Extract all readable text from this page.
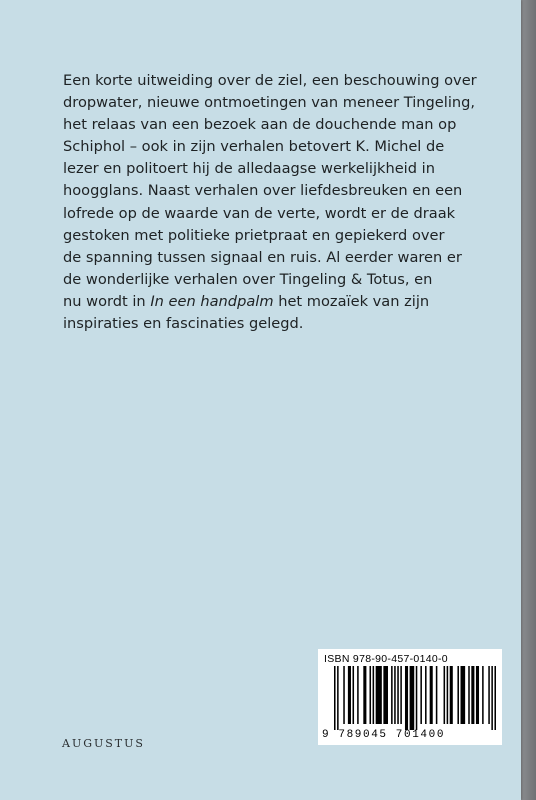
Een korte uitweiding over de ziel, een beschouwing over
dropwater, nieuwe ontmoetingen van meneer Tingeling,
het relaas van een bezoek aan de douchende man op
Schiphol – ook in zijn verhalen betovert K. Michel de
lezer en politoert hij de alledaagse werkelijkheid in
hoogglans. Naast verhalen over liefdesbreuken en een
lofrede op de waarde van de verte, wordt er de draak
gestoken met politieke prietpraat en gepiekerd over
de spanning tussen signaal en ruis. Al eerder waren er
de wonderlijke verhalen over Tingeling & Totus, en
nu wordt in In een handpalm het mozaïek van zijn
inspiraties en fascinaties gelegd.

AUGUSTUS
ISBN 978-90-457-0140-0
9 789045 701400
